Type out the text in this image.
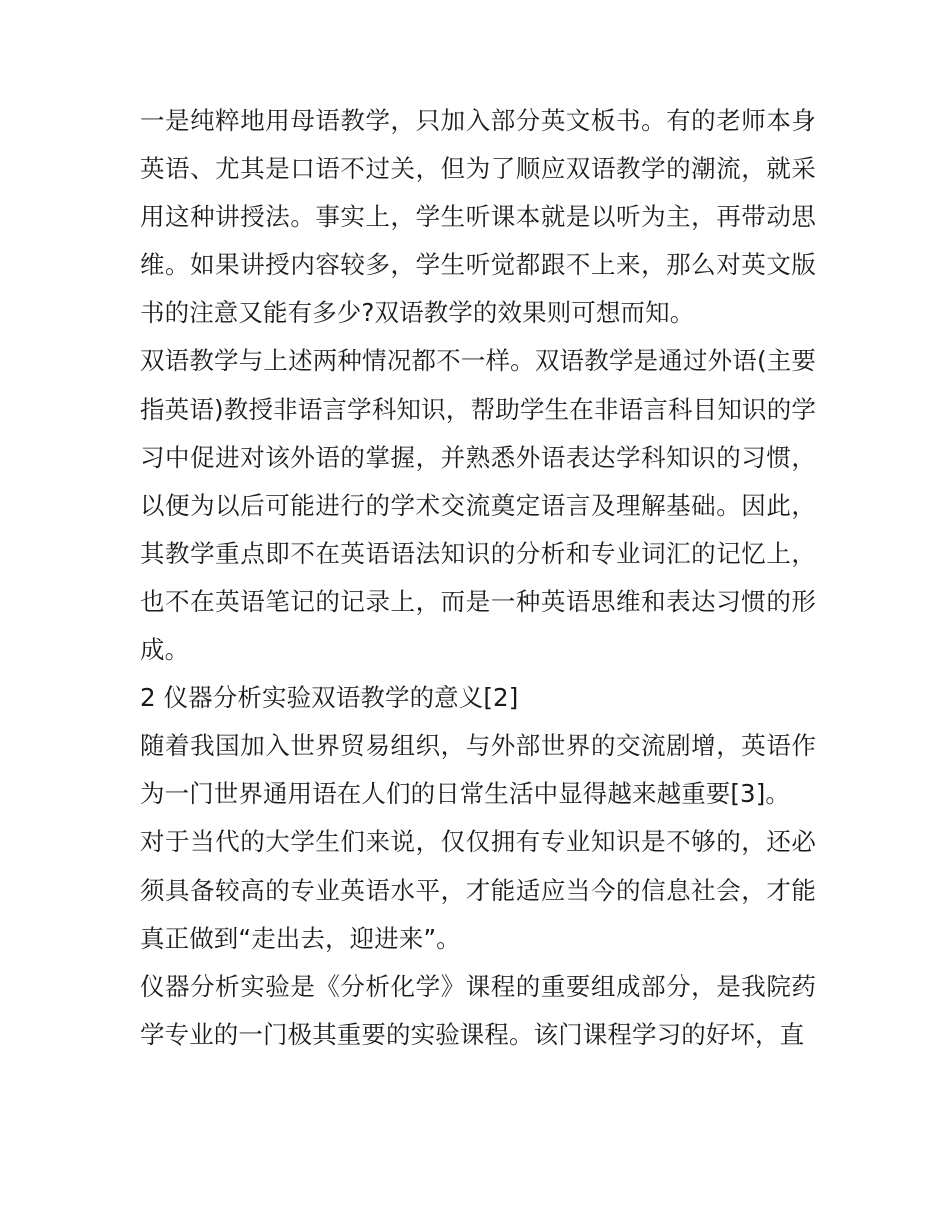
一是纯粹地用母语教学，只加入部分英文板书。有的老师本身英语、尤其是口语不过关，但为了顺应双语教学的潮流，就采用这种讲授法。事实上，学生听课本就是以听为主，再带动思维。如果讲授内容较多，学生听觉都跟不上来，那么对英文版书的注意又能有多少?双语教学的效果则可想而知。

双语教学与上述两种情况都不一样。双语教学是通过外语(主要指英语)教授非语言学科知识，帮助学生在非语言科目知识的学习中促进对该外语的掌握，并熟悉外语表达学科知识的习惯，以便为以后可能进行的学术交流奠定语言及理解基础。因此，其教学重点即不在英语语法知识的分析和专业词汇的记忆上，也不在英语笔记的记录上，而是一种英语思维和表达习惯的形成。

2 仪器分析实验双语教学的意义[2]

随着我国加入世界贸易组织，与外部世界的交流剧增，英语作为一门世界通用语在人们的日常生活中显得越来越重要[3]。

对于当代的大学生们来说，仅仅拥有专业知识是不够的，还必须具备较高的专业英语水平，才能适应当今的信息社会，才能真正做到“走出去，迎进来”。

仪器分析实验是《分析化学》课程的重要组成部分，是我院药学专业的一门极其重要的实验课程。该门课程学习的好坏，直
